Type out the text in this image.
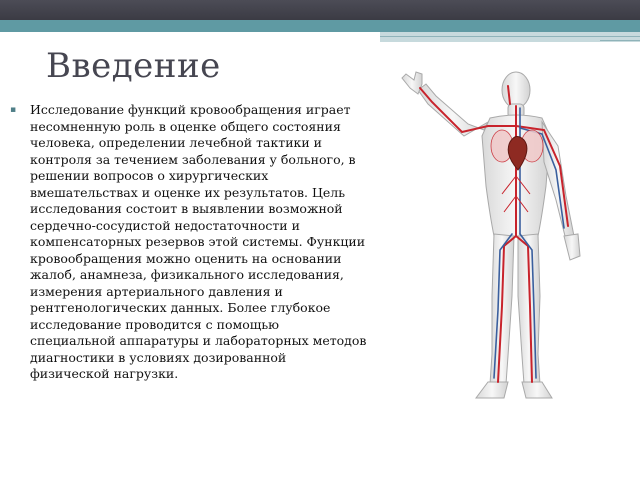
Введение
▪	Исследование функций кровообращения играет несомненную роль в оценке общего состояния человека, определении лечебной тактики и контроля за течением заболевания у больного, в решении вопросов о хирургических вмешательствах и оценке их результатов. Цель исследования состоит в выявлении возможной сердечно-сосудистой недостаточности и компенсаторных резервов этой системы. Функции кровообращения можно оценить на основании жалоб, анамнеза, физикального исследования, измерения артериального давления и рентгенологических данных. Более глубокое исследование проводится с помощью специальной аппаратуры и лабораторных методов диагностики в условиях дозированной физической нагрузки.
